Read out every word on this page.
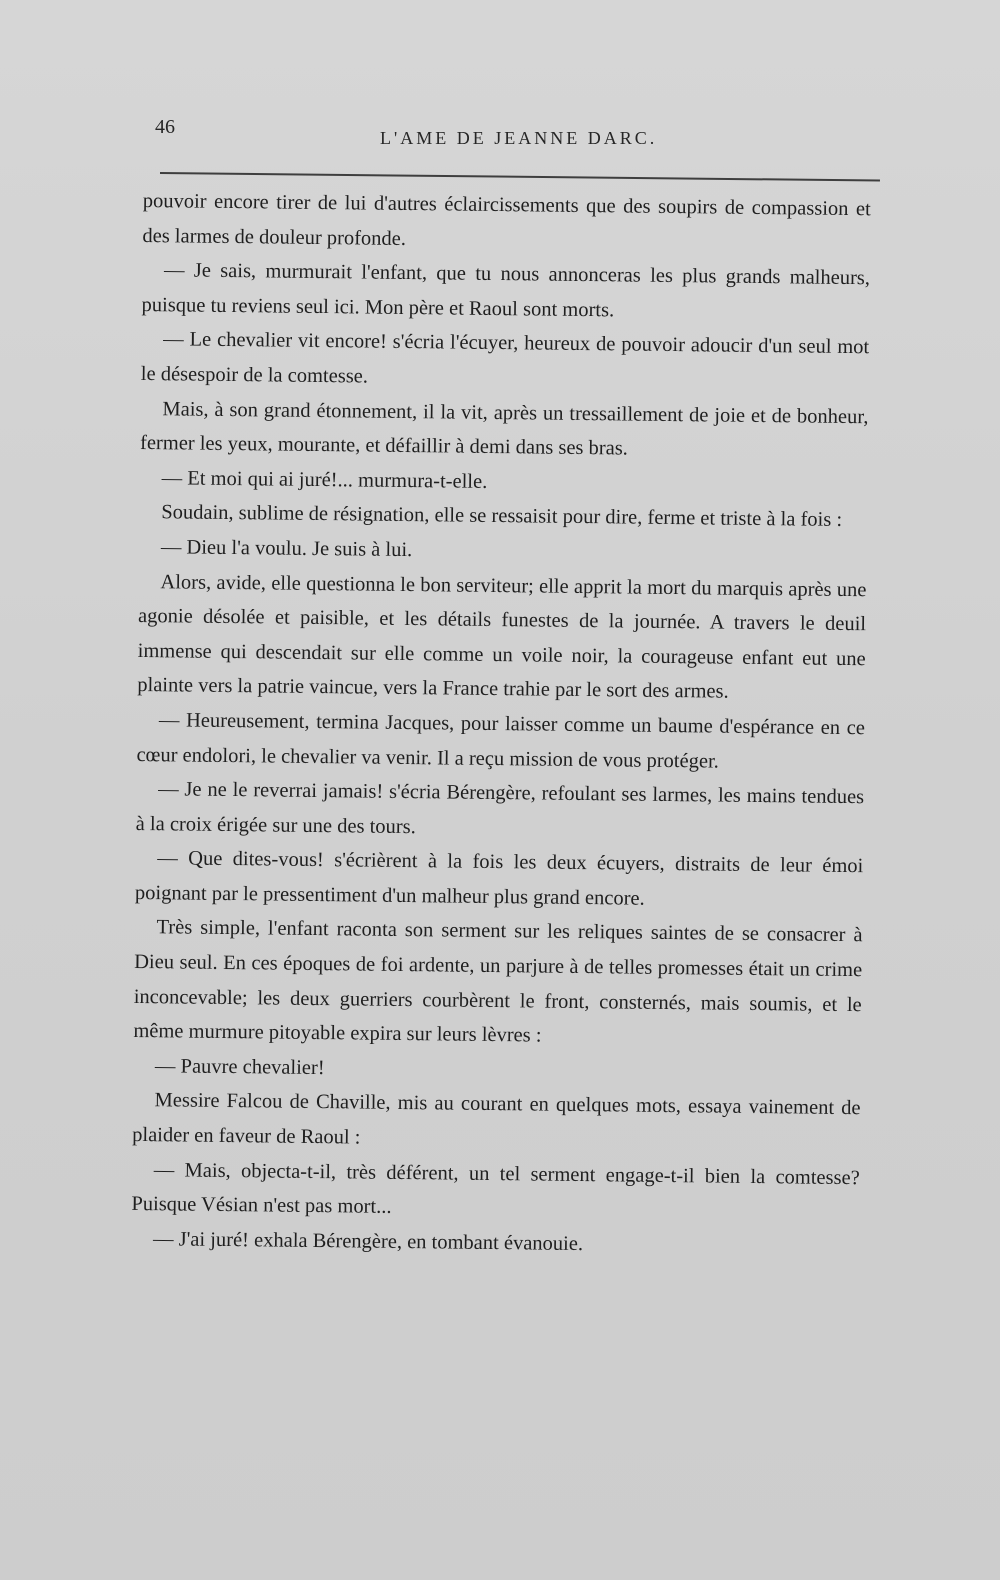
46	L'AME DE JEANNE DARC.

pouvoir encore tirer de lui d'autres éclaircissements que des soupirs de compassion et des larmes de douleur profonde.

— Je sais, murmurait l'enfant, que tu nous annonceras les plus grands malheurs, puisque tu reviens seul ici. Mon père et Raoul sont morts.

— Le chevalier vit encore! s'écria l'écuyer, heureux de pouvoir adoucir d'un seul mot le désespoir de la comtesse.

Mais, à son grand étonnement, il la vit, après un tressaillement de joie et de bonheur, fermer les yeux, mourante, et défaillir à demi dans ses bras.

— Et moi qui ai juré!... murmura-t-elle.

Soudain, sublime de résignation, elle se ressaisit pour dire, ferme et triste à la fois :

— Dieu l'a voulu. Je suis à lui.

Alors, avide, elle questionna le bon serviteur; elle apprit la mort du marquis après une agonie désolée et paisible, et les détails funestes de la journée. A travers le deuil immense qui descendait sur elle comme un voile noir, la courageuse enfant eut une plainte vers la patrie vaincue, vers la France trahie par le sort des armes.

— Heureusement, termina Jacques, pour laisser comme un baume d'espérance en ce cœur endolori, le chevalier va venir. Il a reçu mission de vous protéger.

— Je ne le reverrai jamais! s'écria Bérengère, refoulant ses larmes, les mains tendues à la croix érigée sur une des tours.

— Que dites-vous! s'écrièrent à la fois les deux écuyers, distraits de leur émoi poignant par le pressentiment d'un malheur plus grand encore.

Très simple, l'enfant raconta son serment sur les reliques saintes de se consacrer à Dieu seul. En ces époques de foi ardente, un parjure à de telles promesses était un crime inconcevable; les deux guerriers courbèrent le front, consternés, mais soumis, et le même murmure pitoyable expira sur leurs lèvres :

— Pauvre chevalier!

Messire Falcou de Chaville, mis au courant en quelques mots, essaya vainement de plaider en faveur de Raoul :

— Mais, objecta-t-il, très déférent, un tel serment engage-t-il bien la comtesse? Puisque Vésian n'est pas mort...

— J'ai juré! exhala Bérengère, en tombant évanouie.
